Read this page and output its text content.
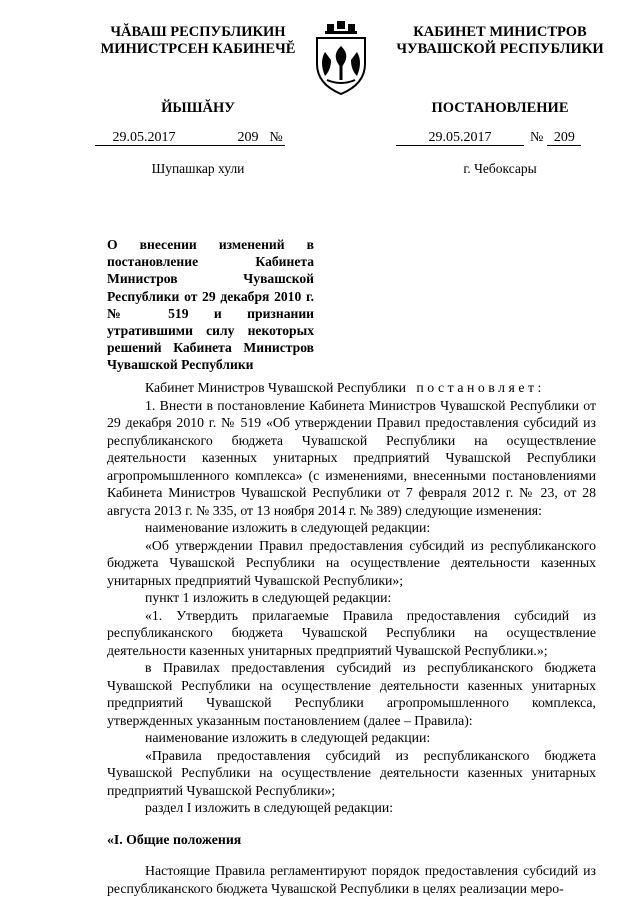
ЧĂВАШ РЕСПУБЛИКИН
МИНИСТРСЕН КАБИНЕЧĔ
ЙЫШĂНУ
29.05.2017	209 №
Шупашкар хули
КАБИНЕТ МИНИСТРОВ
ЧУВАШСКОЙ РЕСПУБЛИКИ
ПОСТАНОВЛЕНИЕ
29.05.2017	№ 209
г. Чебоксары
О внесении изменений в постановление Кабинета Министров Чувашской Республики от 29 декабря 2010 г. № 519 и признании утратившими силу некоторых решений Кабинета Министров Чувашской Республики

Кабинет Министров Чувашской Республики постановляет:

1. Внести в постановление Кабинета Министров Чувашской Республики от 29 декабря 2010 г. № 519 «Об утверждении Правил предоставления субсидий из республиканского бюджета Чувашской Республики на осуществление деятельности казенных унитарных предприятий Чувашской Республики агропромышленного комплекса» (с изменениями, внесенными постановлениями Кабинета Министров Чувашской Республики от 7 февраля 2012 г. № 23, от 28 августа 2013 г. № 335, от 13 ноября 2014 г. № 389) следующие изменения:

наименование изложить в следующей редакции:

«Об утверждении Правил предоставления субсидий из республиканского бюджета Чувашской Республики на осуществление деятельности казенных унитарных предприятий Чувашской Республики»;

пункт 1 изложить в следующей редакции:

«1. Утвердить прилагаемые Правила предоставления субсидий из республиканского бюджета Чувашской Республики на осуществление деятельности казенных унитарных предприятий Чувашской Республики.»;

в Правилах предоставления субсидий из республиканского бюджета Чувашской Республики на осуществление деятельности казенных унитарных предприятий Чувашской Республики агропромышленного комплекса, утвержденных указанным постановлением (далее – Правила):

наименование изложить в следующей редакции:

«Правила предоставления субсидий из республиканского бюджета Чувашской Республики на осуществление деятельности казенных унитарных предприятий Чувашской Республики»;

раздел I изложить в следующей редакции:

«I. Общие положения

Настоящие Правила регламентируют порядок предоставления субсидий из республиканского бюджета Чувашской Республики в целях реализации меро-
